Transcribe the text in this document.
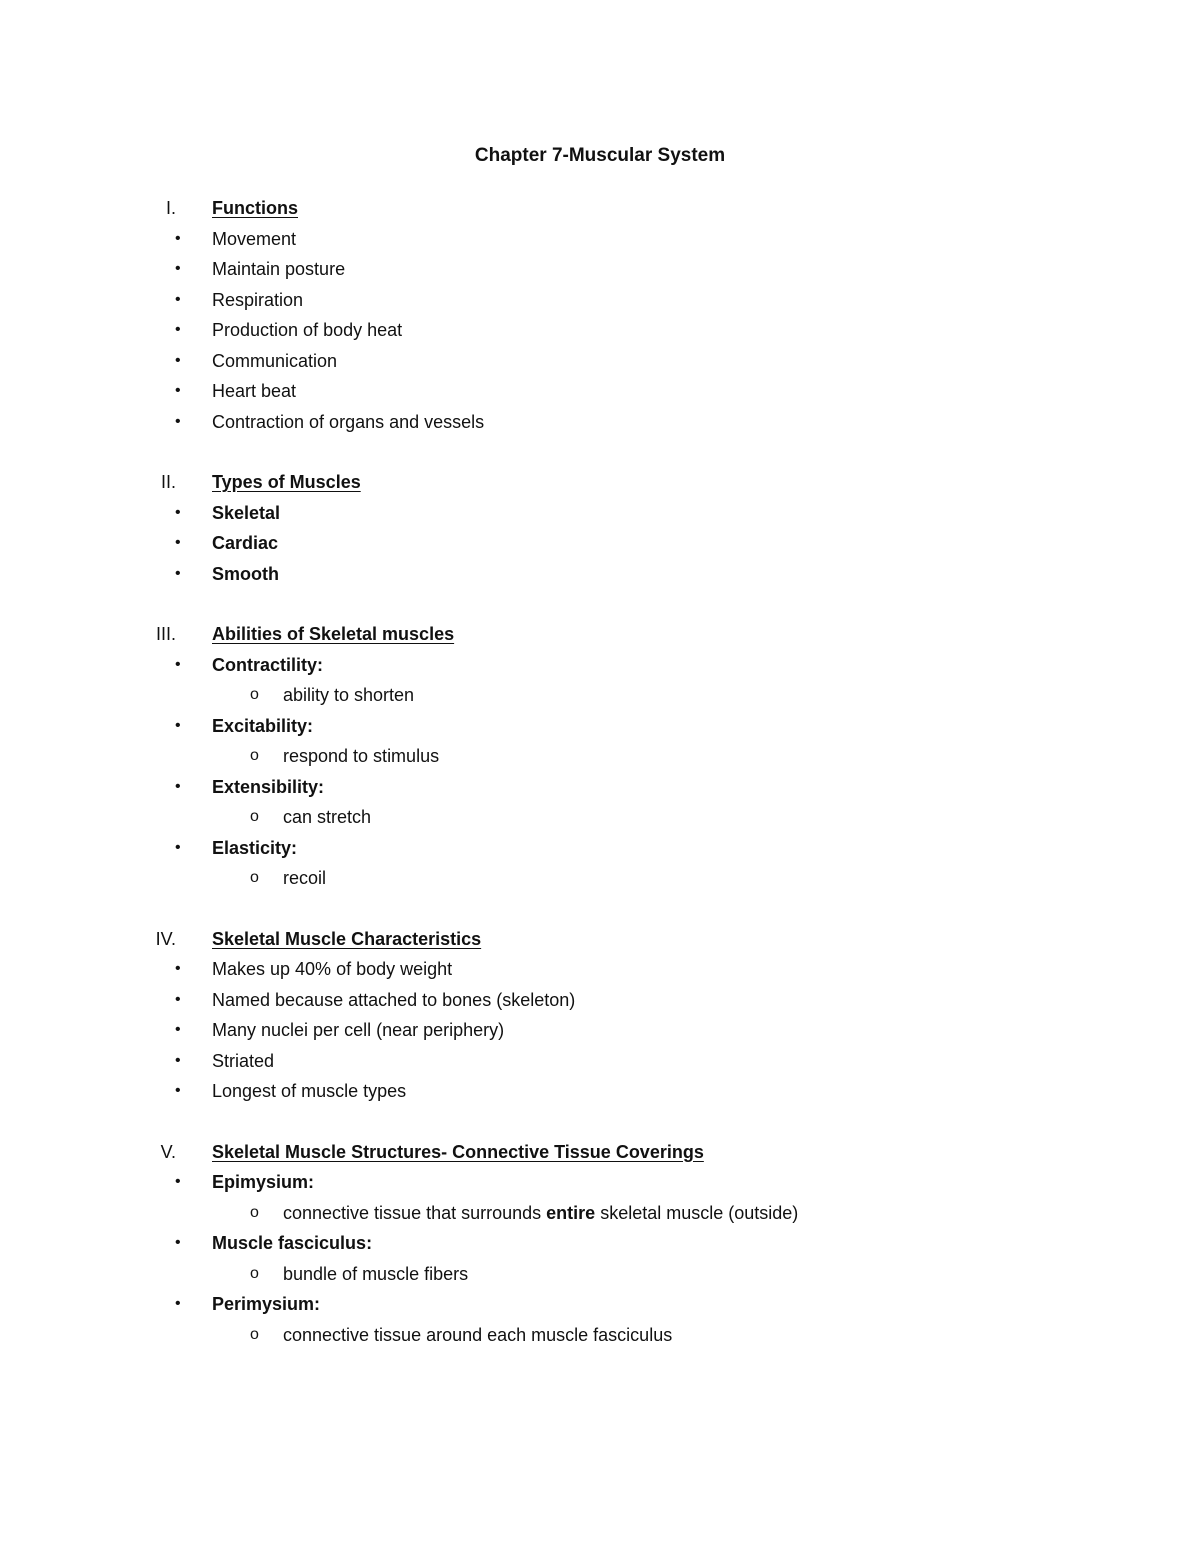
Chapter 7-Muscular System
I. Functions
• Movement
• Maintain posture
• Respiration
• Production of body heat
• Communication
• Heart beat
• Contraction of organs and vessels
II. Types of Muscles
• Skeletal
• Cardiac
• Smooth
III. Abilities of Skeletal muscles
• Contractility:
o ability to shorten
• Excitability:
o respond to stimulus
• Extensibility:
o can stretch
• Elasticity:
o recoil
IV. Skeletal Muscle Characteristics
• Makes up 40% of body weight
• Named because attached to bones (skeleton)
• Many nuclei per cell (near periphery)
• Striated
• Longest of muscle types
V. Skeletal Muscle Structures- Connective Tissue Coverings
• Epimysium:
o connective tissue that surrounds entire skeletal muscle (outside)
• Muscle fasciculus:
o bundle of muscle fibers
• Perimysium:
o connective tissue around each muscle fasciculus
